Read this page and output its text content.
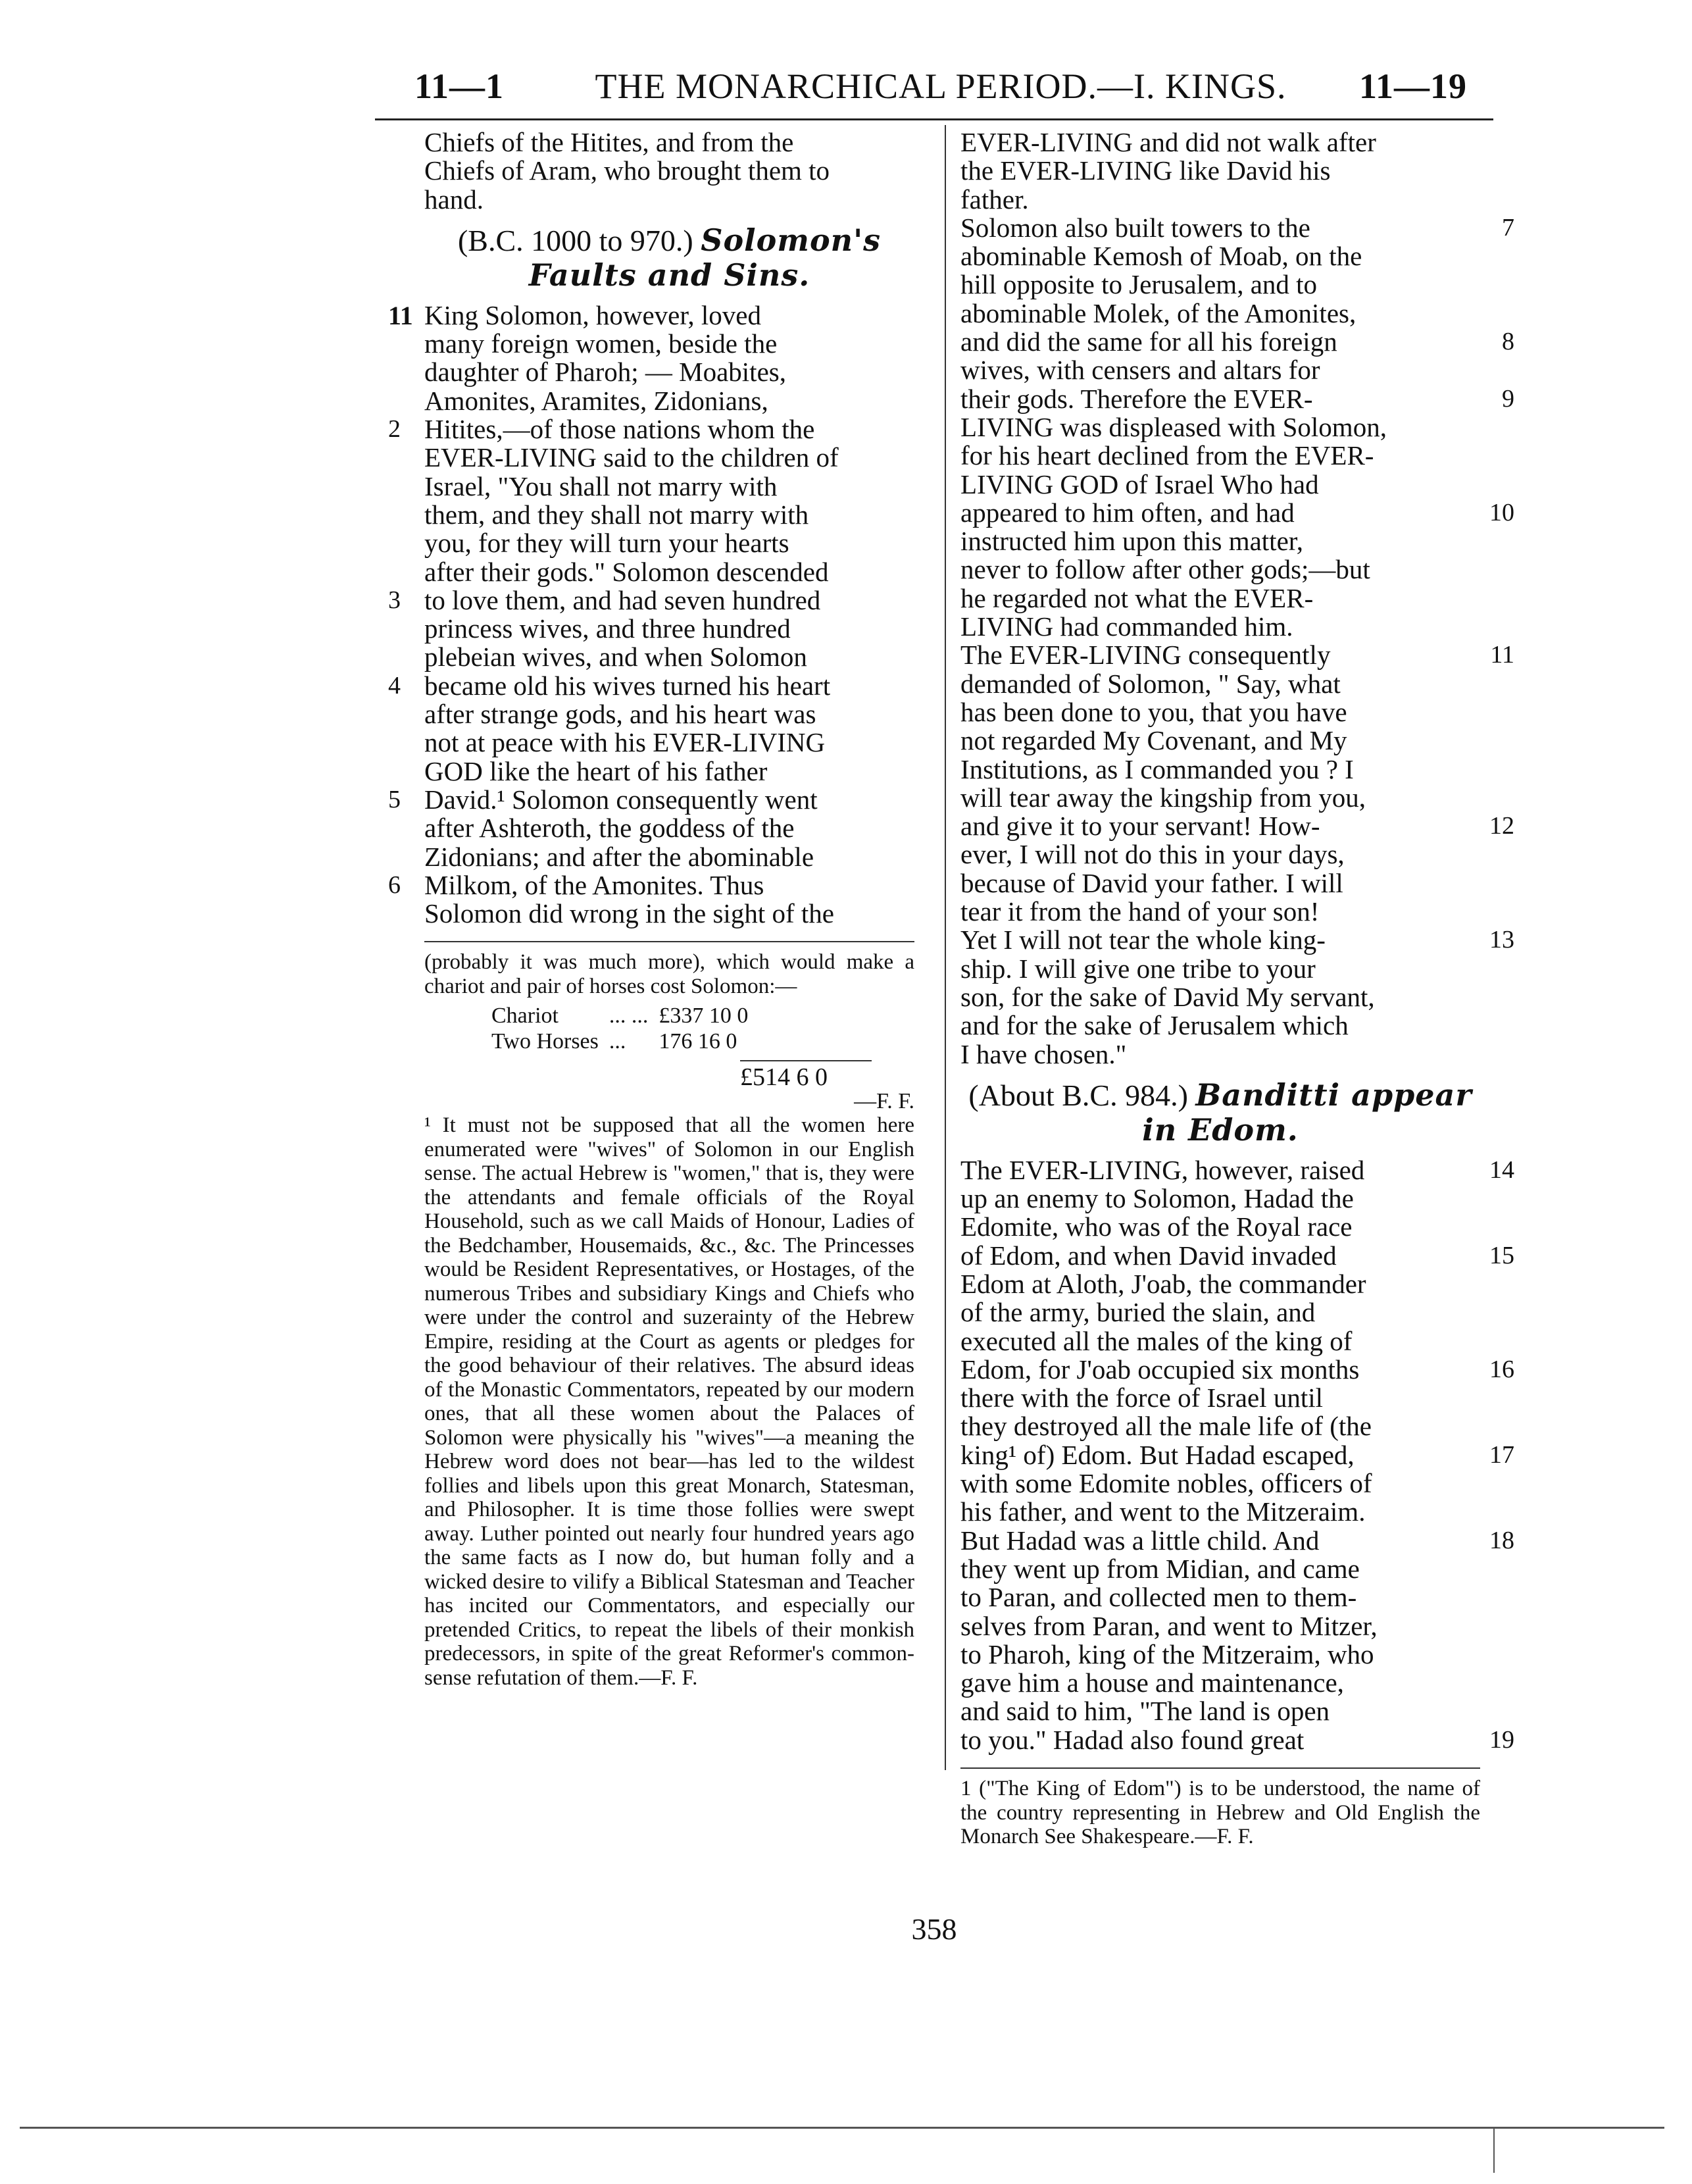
11—1	THE MONARCHICAL PERIOD.—I. KINGS.	11—19
Chiefs of the Hitites, and from the
Chiefs of Aram, who brought them to
hand.
(B.C. 1000 to 970.) Solomon's
Faults and Sins.
11 King Solomon, however, loved
many foreign women, beside the
daughter of Pharoh; — Moabites,
Amonites, Aramites, Zidonians,
2 Hitites,—of those nations whom the
EVER-LIVING said to the children of
Israel, "You shall not marry with
them, and they shall not marry with
you, for they will turn your hearts
after their gods." Solomon descended
3 to love them, and had seven hundred
princess wives, and three hundred
plebeian wives, and when Solomon
4 became old his wives turned his heart
after strange gods, and his heart was
not at peace with his EVER-LIVING
GOD like the heart of his father
5 David.¹ Solomon consequently went
after Ashteroth, the goddess of the
Zidonians; and after the abominable
6 Milkom, of the Amonites. Thus
Solomon did wrong in the sight of the

(probably it was much more), which would make a chariot and pair of horses cost Solomon:—

Chariot	... ...	£337 10 0
Two Horses	...	176 16 0
£514 6 0
—F. F.

¹ It must not be supposed that all the women here enumerated were "wives" of Solomon in our English sense. The actual Hebrew is "women," that is, they were the attendants and female officials of the Royal Household, such as we call Maids of Honour, Ladies of the Bedchamber, Housemaids, &c., &c. The Princesses would be Resident Representatives, or Hostages, of the numerous Tribes and subsidiary Kings and Chiefs who were under the control and suzerainty of the Hebrew Empire, residing at the Court as agents or pledges for the good behaviour of their relatives. The absurd ideas of the Monastic Commentators, repeated by our modern ones, that all these women about the Palaces of Solomon were physically his "wives"—a meaning the Hebrew word does not bear—has led to the wildest follies and libels upon this great Monarch, Statesman, and Philosopher. It is time those follies were swept away. Luther pointed out nearly four hundred years ago the same facts as I now do, but human folly and a wicked desire to vilify a Biblical Statesman and Teacher has incited our Commentators, and especially our pretended Critics, to repeat the libels of their monkish predecessors, in spite of the great Reformer's common-sense refutation of them.—F. F.

EVER-LIVING and did not walk after
the EVER-LIVING like David his
father.
7
Solomon also built towers to the
abominable Kemosh of Moab, on the
hill opposite to Jerusalem, and to
abominable Molek, of the Amonites,
8
and did the same for all his foreign
wives, with censers and altars for
9
their gods. Therefore the EVER-
LIVING was displeased with Solomon,
for his heart declined from the EVER-
LIVING GOD of Israel Who had
10
appeared to him often, and had
instructed him upon this matter,
never to follow after other gods;—but
he regarded not what the EVER-
LIVING had commanded him.
11
The EVER-LIVING consequently
demanded of Solomon, " Say, what
has been done to you, that you have
not regarded My Covenant, and My
Institutions, as I commanded you ? I
will tear away the kingship from you,
12
and give it to your servant! How-
ever, I will not do this in your days,
because of David your father. I will
tear it from the hand of your son!
13
Yet I will not tear the whole king-
ship. I will give one tribe to your
son, for the sake of David My servant,
and for the sake of Jerusalem which
I have chosen."
(About B.C. 984.) Banditti appear
in Edom.
14
The EVER-LIVING, however, raised
up an enemy to Solomon, Hadad the
Edomite, who was of the Royal race
15
of Edom, and when David invaded
Edom at Aloth, J'oab, the commander
of the army, buried the slain, and
executed all the males of the king of
16
Edom, for J'oab occupied six months
there with the force of Israel until
they destroyed all the male life of (the
17
king¹ of) Edom. But Hadad escaped,
with some Edomite nobles, officers of
his father, and went to the Mitzeraim.
18
But Hadad was a little child. And
they went up from Midian, and came
to Paran, and collected men to them-
selves from Paran, and went to Mitzer,
to Pharoh, king of the Mitzeraim, who
gave him a house and maintenance,
and said to him, "The land is open
19
to you." Hadad also found great
1 ("The King of Edom") is to be understood, the name of the country representing in Hebrew and Old English the Monarch See Shakespeare.—F. F.
358
